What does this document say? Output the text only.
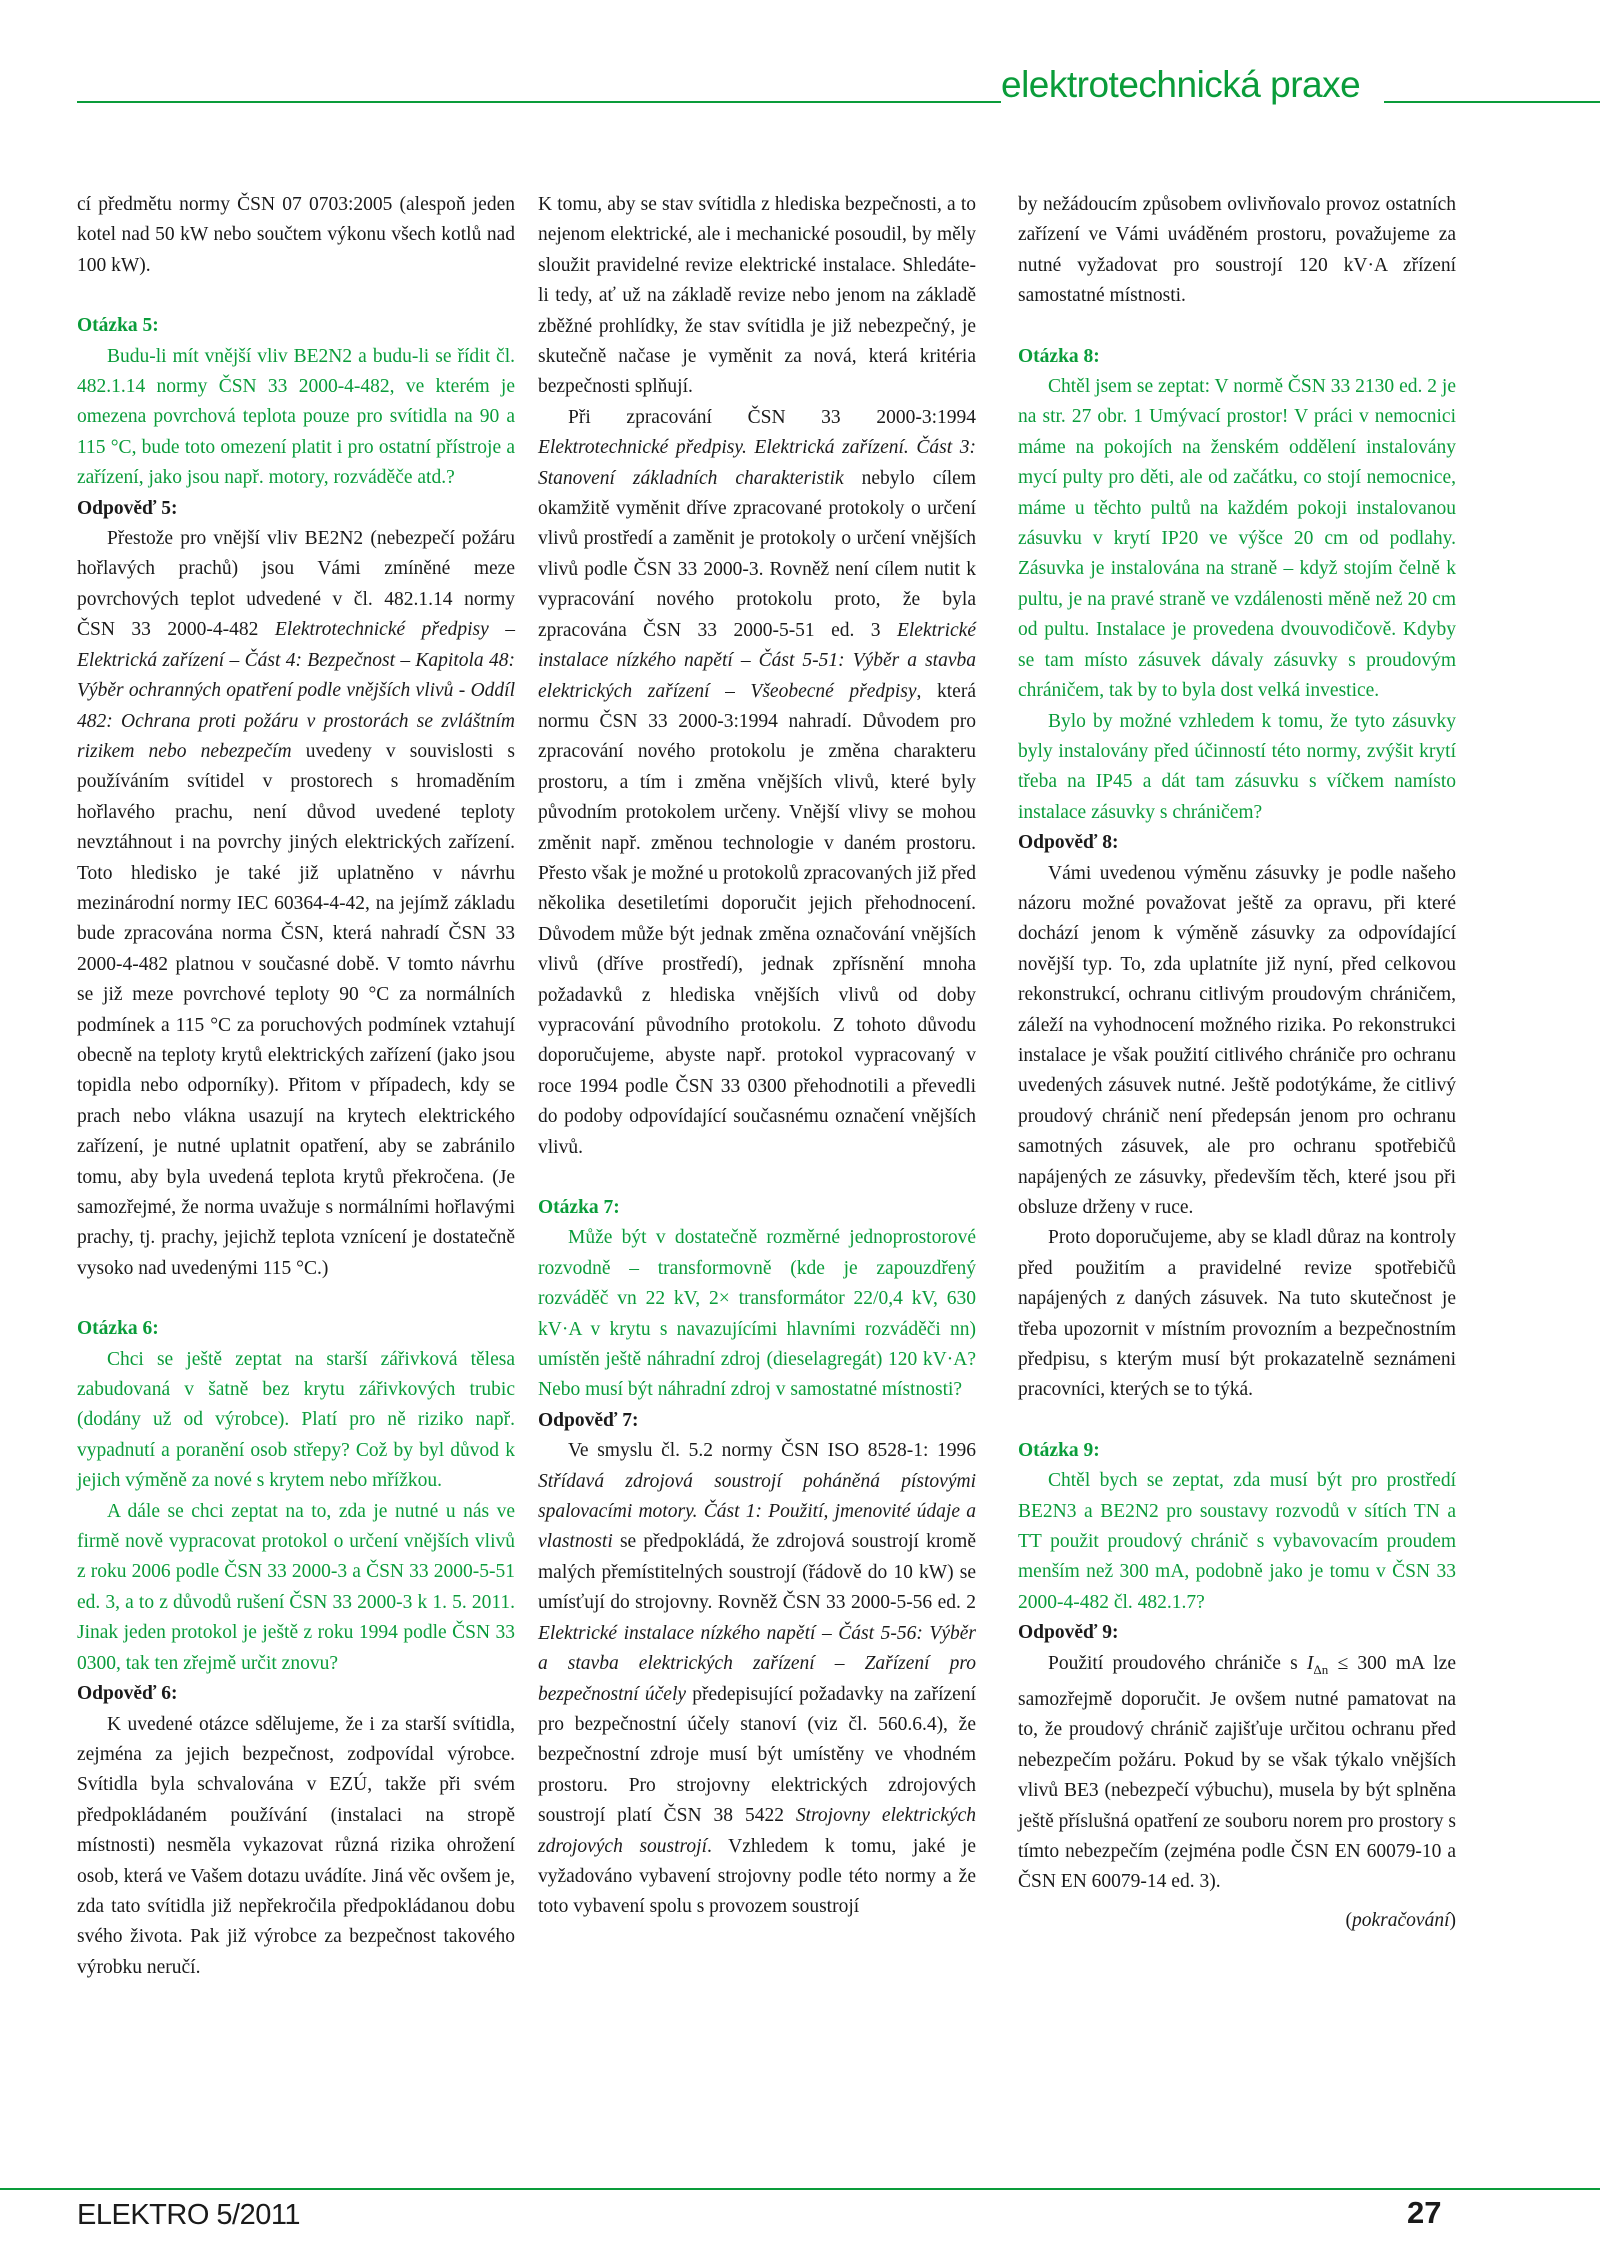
elektrotechnická praxe

cí předmětu normy ČSN 07 0703:2005 (alespoň jeden kotel nad 50 kW nebo součtem výkonu všech kotlů nad 100 kW).

Otázka 5:

Budu-li mít vnější vliv BE2N2 a budu-li se řídit čl. 482.1.14 normy ČSN 33 2000-4-482, ve kterém je omezena povrchová teplota pouze pro svítidla na 90 a 115 °C, bude toto omezení platit i pro ostatní přístroje a zařízení, jako jsou např. motory, rozváděče atd.?

Odpověď 5:

Přestože pro vnější vliv BE2N2 (nebezpečí požáru hořlavých prachů) jsou Vámi zmíněné meze povrchových teplot udvedené v čl. 482.1.14 normy ČSN 33 2000-4-482 Elektrotechnické předpisy – Elektrická zařízení – Část 4: Bezpečnost – Kapitola 48: Výběr ochranných opatření podle vnějších vlivů - Oddíl 482: Ochrana proti požáru v prostorách se zvláštním rizikem nebo nebezpečím uvedeny v souvislosti s používáním svítidel v prostorech s hromaděním hořlavého prachu, není důvod uvedené teploty nevztáhnout i na povrchy jiných elektrických zařízení. Toto hledisko je také již uplatněno v návrhu mezinárodní normy IEC 60364-4-42, na jejímž základu bude zpracována norma ČSN, která nahradí ČSN 33 2000-4-482 platnou v současné době. V tomto návrhu se již meze povrchové teploty 90 °C za normálních podmínek a 115 °C za poruchových podmínek vztahují obecně na teploty krytů elektrických zařízení (jako jsou topidla nebo odporníky). Přitom v případech, kdy se prach nebo vlákna usazují na krytech elektrického zařízení, je nutné uplatnit opatření, aby se zabránilo tomu, aby byla uvedená teplota krytů překročena. (Je samozřejmé, že norma uvažuje s normálními hořlavými prachy, tj. prachy, jejichž teplota vznícení je dostatečně vysoko nad uvedenými 115 °C.)

Otázka 6:

Chci se ještě zeptat na starší zářivková tělesa zabudovaná v šatně bez krytu zářivkových trubic (dodány už od výrobce). Platí pro ně riziko např. vypadnutí a poranění osob střepy? Což by byl důvod k jejich výměně za nové s krytem nebo mřížkou.

A dále se chci zeptat na to, zda je nutné u nás ve firmě nově vypracovat protokol o určení vnějších vlivů z roku 2006 podle ČSN 33 2000-3 a ČSN 33 2000-5-51 ed. 3, a to z důvodů rušení ČSN 33 2000-3 k 1. 5. 2011. Jinak jeden protokol je ještě z roku 1994 podle ČSN 33 0300, tak ten zřejmě určit znovu?

Odpověď 6:

K uvedené otázce sdělujeme, že i za starší svítidla, zejména za jejich bezpečnost, zodpovídal výrobce. Svítidla byla schvalována v EZÚ, takže při svém předpokládaném používání (instalaci na stropě místnosti) nesměla vykazovat různá rizika ohrožení osob, která ve Vašem dotazu uvádíte. Jiná věc ovšem je, zda tato svítidla již nepřekročila předpokládanou dobu svého života. Pak již výrobce za bezpečnost takového výrobku neručí.

K tomu, aby se stav svítidla z hlediska bezpečnosti, a to nejenom elektrické, ale i mechanické posoudil, by měly sloužit pravidelné revize elektrické instalace. Shledáte-li tedy, ať už na základě revize nebo jenom na základě zběžné prohlídky, že stav svítidla je již nebezpečný, je skutečně načase je vyměnit za nová, která kritéria bezpečnosti splňují.

Při zpracování ČSN 33 2000-3:1994 Elektrotechnické předpisy. Elektrická zařízení. Část 3: Stanovení základních charakteristik nebylo cílem okamžitě vyměnit dříve zpracované protokoly o určení vlivů prostředí a zaměnit je protokoly o určení vnějších vlivů podle ČSN 33 2000-3. Rovněž není cílem nutit k vypracování nového protokolu proto, že byla zpracována ČSN 33 2000-5-51 ed. 3 Elektrické instalace nízkého napětí – Část 5-51: Výběr a stavba elektrických zařízení – Všeobecné předpisy, která normu ČSN 33 2000-3:1994 nahradí. Důvodem pro zpracování nového protokolu je změna charakteru prostoru, a tím i změna vnějších vlivů, které byly původním protokolem určeny. Vnější vlivy se mohou změnit např. změnou technologie v daném prostoru. Přesto však je možné u protokolů zpracovaných již před několika desetiletími doporučit jejich přehodnocení. Důvodem může být jednak změna označování vnějších vlivů (dříve prostředí), jednak zpřísnění mnoha požadavků z hlediska vnějších vlivů od doby vypracování původního protokolu. Z tohoto důvodu doporučujeme, abyste např. protokol vypracovaný v roce 1994 podle ČSN 33 0300 přehodnotili a převedli do podoby odpovídající současnému označení vnějších vlivů.

Otázka 7:

Může být v dostatečně rozměrné jednoprostorové rozvodně – transformovně (kde je zapouzdřený rozváděč vn 22 kV, 2× transformátor 22/0,4 kV, 630 kV·A v krytu s navazujícími hlavními rozváděči nn) umístěn ještě náhradní zdroj (dieselagregát) 120 kV·A? Nebo musí být náhradní zdroj v samostatné místnosti?

Odpověď 7:

Ve smyslu čl. 5.2 normy ČSN ISO 8528-1: 1996 Střídavá zdrojová soustrojí poháněná pístovými spalovacími motory. Část 1: Použití, jmenovité údaje a vlastnosti se předpokládá, že zdrojová soustrojí kromě malých přemístitelných soustrojí (řádově do 10 kW) se umísťují do strojovny. Rovněž ČSN 33 2000-5-56 ed. 2 Elektrické instalace nízkého napětí – Část 5-56: Výběr a stavba elektrických zařízení – Zařízení pro bezpečnostní účely předepisující požadavky na zařízení pro bezpečnostní účely stanoví (viz čl. 560.6.4), že bezpečnostní zdroje musí být umístěny ve vhodném prostoru. Pro strojovny elektrických zdrojových soustrojí platí ČSN 38 5422 Strojovny elektrických zdrojových soustrojí. Vzhledem k tomu, jaké je vyžadováno vybavení strojovny podle této normy a že toto vybavení spolu s provozem soustrojí

by nežádoucím způsobem ovlivňovalo provoz ostatních zařízení ve Vámi uváděném prostoru, považujeme za nutné vyžadovat pro soustrojí 120 kV·A zřízení samostatné místnosti.

Otázka 8:

Chtěl jsem se zeptat: V normě ČSN 33 2130 ed. 2 je na str. 27 obr. 1 Umývací prostor! V práci v nemocnici máme na pokojích na ženském oddělení instalovány mycí pulty pro děti, ale od začátku, co stojí nemocnice, máme u těchto pultů na každém pokoji instalovanou zásuvku v krytí IP20 ve výšce 20 cm od podlahy. Zásuvka je instalována na straně – když stojím čelně k pultu, je na pravé straně ve vzdálenosti měně než 20 cm od pultu. Instalace je provedena dvouvodičově. Kdyby se tam místo zásuvek dávaly zásuvky s proudovým chráničem, tak by to byla dost velká investice.

Bylo by možné vzhledem k tomu, že tyto zásuvky byly instalovány před účinností této normy, zvýšit krytí třeba na IP45 a dát tam zásuvku s víčkem namísto instalace zásuvky s chráničem?

Odpověď 8:

Vámi uvedenou výměnu zásuvky je podle našeho názoru možné považovat ještě za opravu, při které dochází jenom k výměně zásuvky za odpovídající novější typ. To, zda uplatníte již nyní, před celkovou rekonstrukcí, ochranu citlivým proudovým chráničem, záleží na vyhodnocení možného rizika. Po rekonstrukci instalace je však použití citlivého chrániče pro ochranu uvedených zásuvek nutné. Ještě podotýkáme, že citlivý proudový chránič není předepsán jenom pro ochranu samotných zásuvek, ale pro ochranu spotřebičů napájených ze zásuvky, především těch, které jsou při obsluze drženy v ruce.

Proto doporučujeme, aby se kladl důraz na kontroly před použitím a pravidelné revize spotřebičů napájených z daných zásuvek. Na tuto skutečnost je třeba upozornit v místním provozním a bezpečnostním předpisu, s kterým musí být prokazatelně seznámeni pracovníci, kterých se to týká.

Otázka 9:

Chtěl bych se zeptat, zda musí být pro prostředí BE2N3 a BE2N2 pro soustavy rozvodů v sítích TN a TT použit proudový chránič s vybavovacím proudem menším než 300 mA, podobně jako je tomu v ČSN 33 2000-4-482 čl. 482.1.7?

Odpověď 9:

Použití proudového chrániče s $I_{\Delta n} \le 300$ mA lze samozřejmě doporučit. Je ovšem nutné pamatovat na to, že proudový chránič zajišťuje určitou ochranu před nebezpečím požáru. Pokud by se však týkalo vnějších vlivů BE3 (nebezpečí výbuchu), musela by být splněna ještě příslušná opatření ze souboru norem pro prostory s tímto nebezpečím (zejména podle ČSN EN 60079-10 a ČSN EN 60079-14 ed. 3).

(pokračování)

ELEKTRO 5/2011	27
